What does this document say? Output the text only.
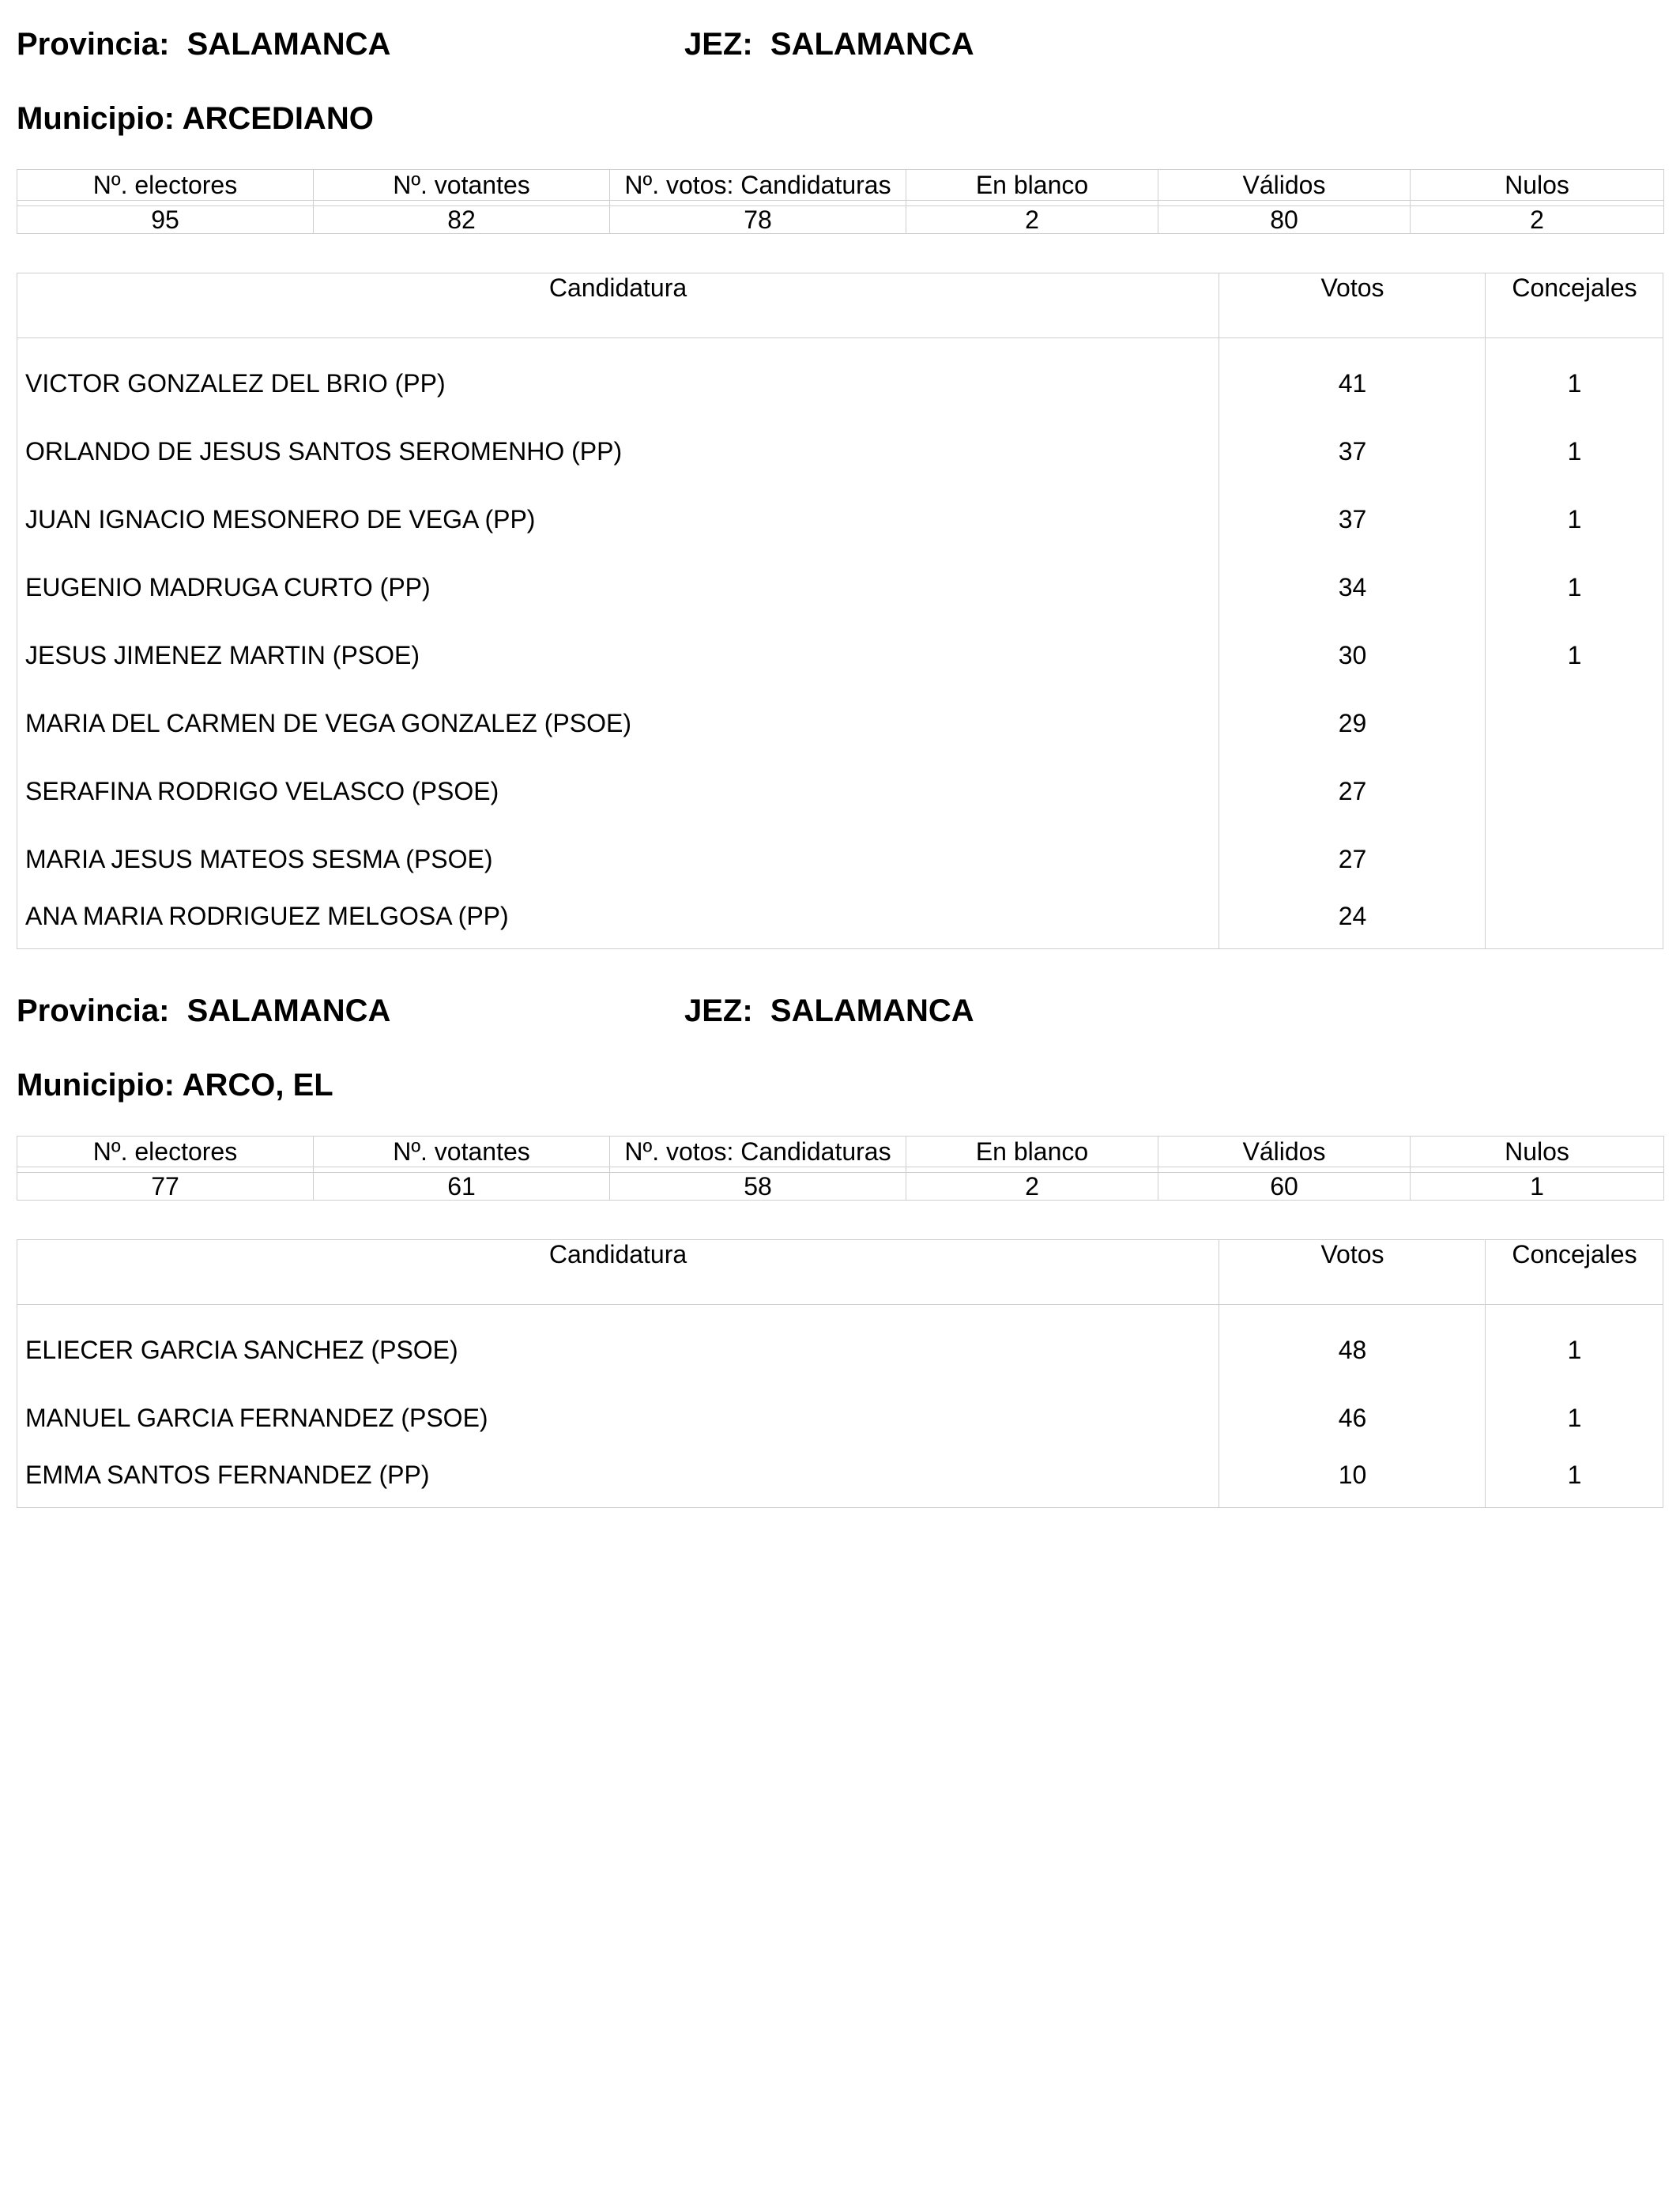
Provincia:  SALAMANCA	JEZ:  SALAMANCA
Municipio: ARCEDIANO
Nº. electores	Nº. votantes	Nº. votos: Candidaturas	En blanco	Válidos	Nulos

95	82	78	2	80	2
Candidatura	Votos	Concejales
VICTOR GONZALEZ DEL BRIO (PP)	41	1
ORLANDO DE JESUS SANTOS SEROMENHO (PP)	37	1
JUAN IGNACIO MESONERO DE VEGA (PP)	37	1
EUGENIO MADRUGA CURTO (PP)	34	1
JESUS JIMENEZ MARTIN (PSOE)	30	1
MARIA DEL CARMEN DE VEGA GONZALEZ (PSOE)	29
SERAFINA RODRIGO VELASCO (PSOE)	27
MARIA JESUS MATEOS SESMA (PSOE)	27
ANA MARIA RODRIGUEZ MELGOSA (PP)	24
Provincia:  SALAMANCA	JEZ:  SALAMANCA
Municipio: ARCO, EL
Nº. electores	Nº. votantes	Nº. votos: Candidaturas	En blanco	Válidos	Nulos

77	61	58	2	60	1
Candidatura	Votos	Concejales
ELIECER GARCIA SANCHEZ (PSOE)	48	1
MANUEL GARCIA FERNANDEZ (PSOE)	46	1
EMMA SANTOS FERNANDEZ (PP)	10	1
